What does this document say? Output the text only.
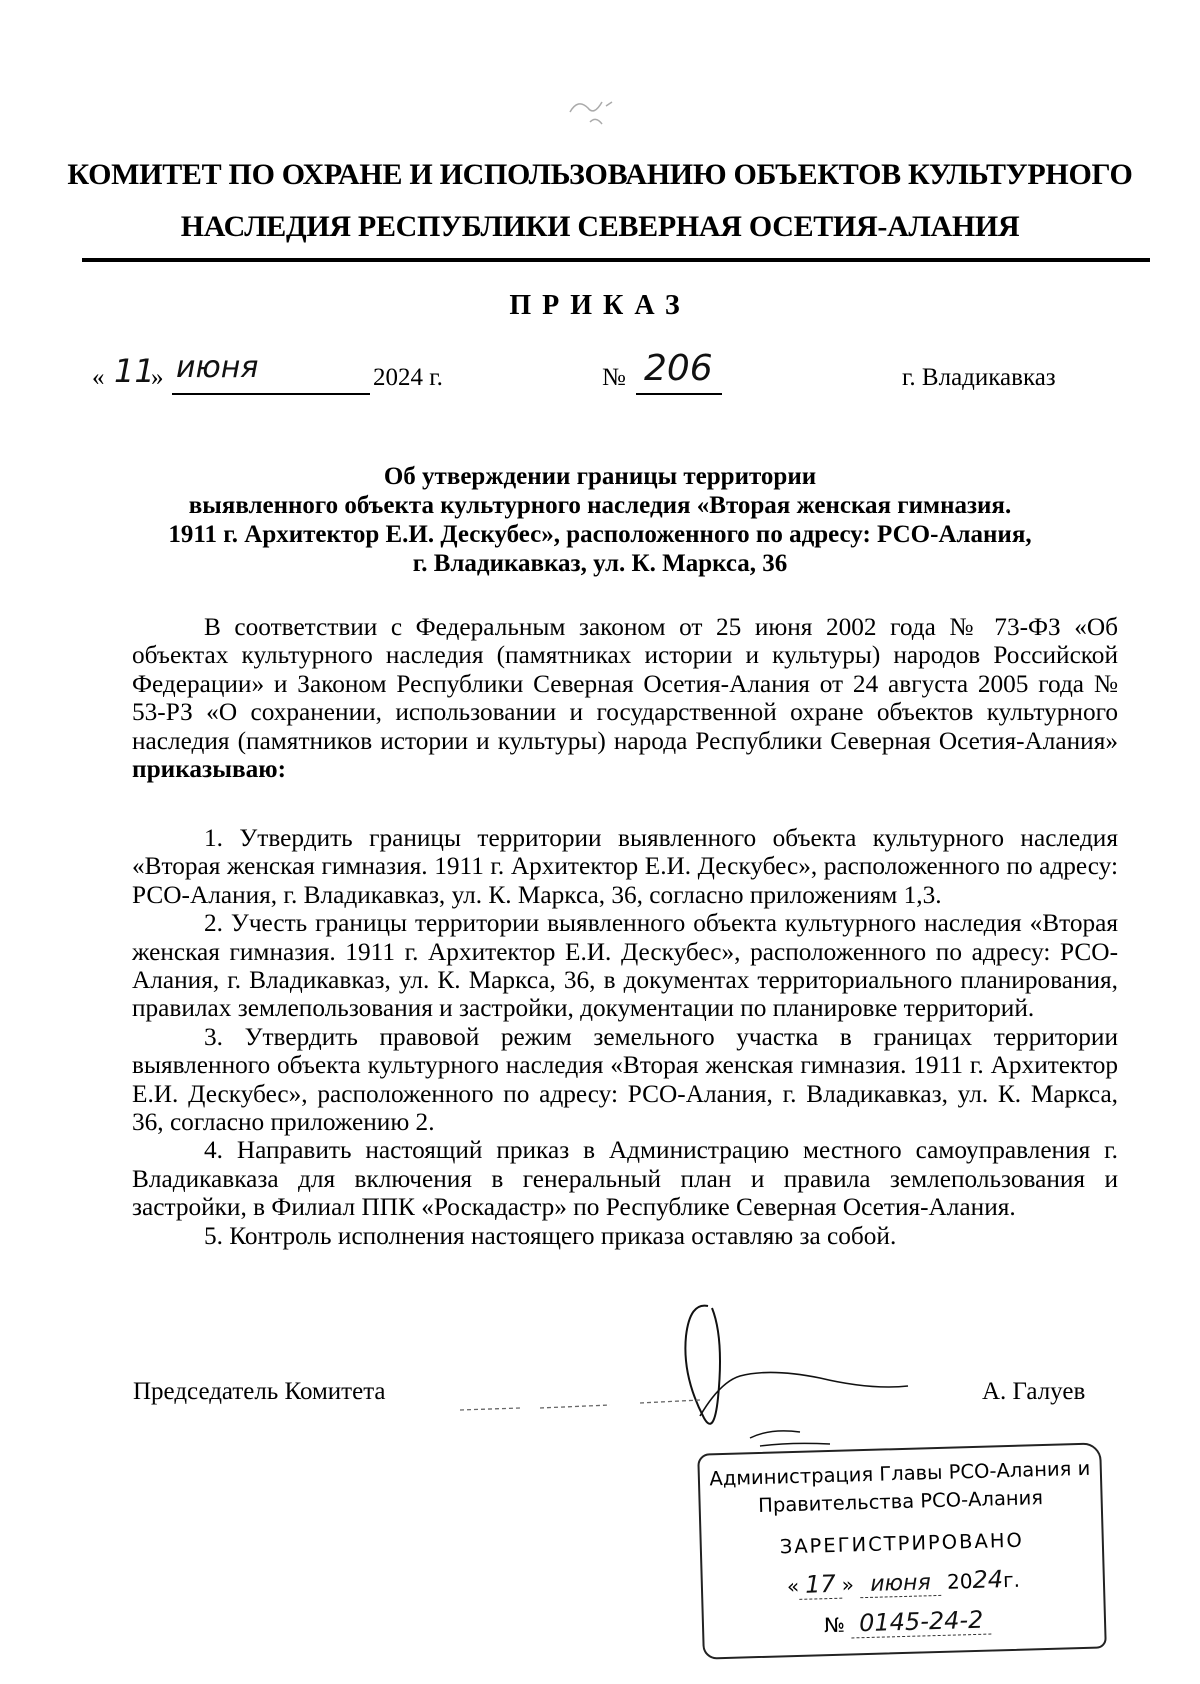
КОМИТЕТ ПО ОХРАНЕ И ИСПОЛЬЗОВАНИЮ ОБЪЕКТОВ КУЛЬТУРНОГО
НАСЛЕДИЯ РЕСПУБЛИКИ СЕВЕРНАЯ ОСЕТИЯ-АЛАНИЯ
ПРИКАЗ
« 11
» июня	2024 г.	№ 206	г. Владикавказ
Об утверждении границы территории
выявленного объекта культурного наследия «Вторая женская гимназия.
1911 г. Архитектор Е.И. Дескубес», расположенного по адресу: РСО-Алания,
г. Владикавказ, ул. К. Маркса, 36

В соответствии с Федеральным законом от 25 июня 2002 года № 73-ФЗ «Об объектах культурного наследия (памятниках истории и культуры) народов Российской Федерации» и Законом Республики Северная Осетия-Алания от 24 августа 2005 года № 53-РЗ «О сохранении, использовании и государственной охране объектов культурного наследия (памятников истории и культуры) народа Республики Северная Осетия-Алания» приказываю:

1. Утвердить границы территории выявленного объекта культурного наследия «Вторая женская гимназия. 1911 г. Архитектор Е.И. Дескубес», расположенного по адресу: РСО-Алания, г. Владикавказ, ул. К. Маркса, 36, согласно приложениям 1,3.

2. Учесть границы территории выявленного объекта культурного наследия «Вторая женская гимназия. 1911 г. Архитектор Е.И. Дескубес», расположенного по адресу: РСО-Алания, г. Владикавказ, ул. К. Маркса, 36, в документах территориального планирования, правилах землепользования и застройки, документации по планировке территорий.

3. Утвердить правовой режим земельного участка в границах территории выявленного объекта культурного наследия «Вторая женская гимназия. 1911 г. Архитектор Е.И. Дескубес», расположенного по адресу: РСО-Алания, г. Владикавказ, ул. К. Маркса, 36, согласно приложению 2.

4. Направить настоящий приказ в Администрацию местного самоуправления г. Владикавказа для включения в генеральный план и правила землепользования и застройки, в Филиал ППК «Роскадастр» по Республике Северная Осетия-Алания.

5. Контроль исполнения настоящего приказа оставляю за собой.

Председатель Комитета	А. Галуев
Администрация Главы РСО-Алания и
Правительства РСО-Алания
ЗАРЕГИСТРИРОВАНО
« 17 » июня 2024г.
№ 0145-24-2
